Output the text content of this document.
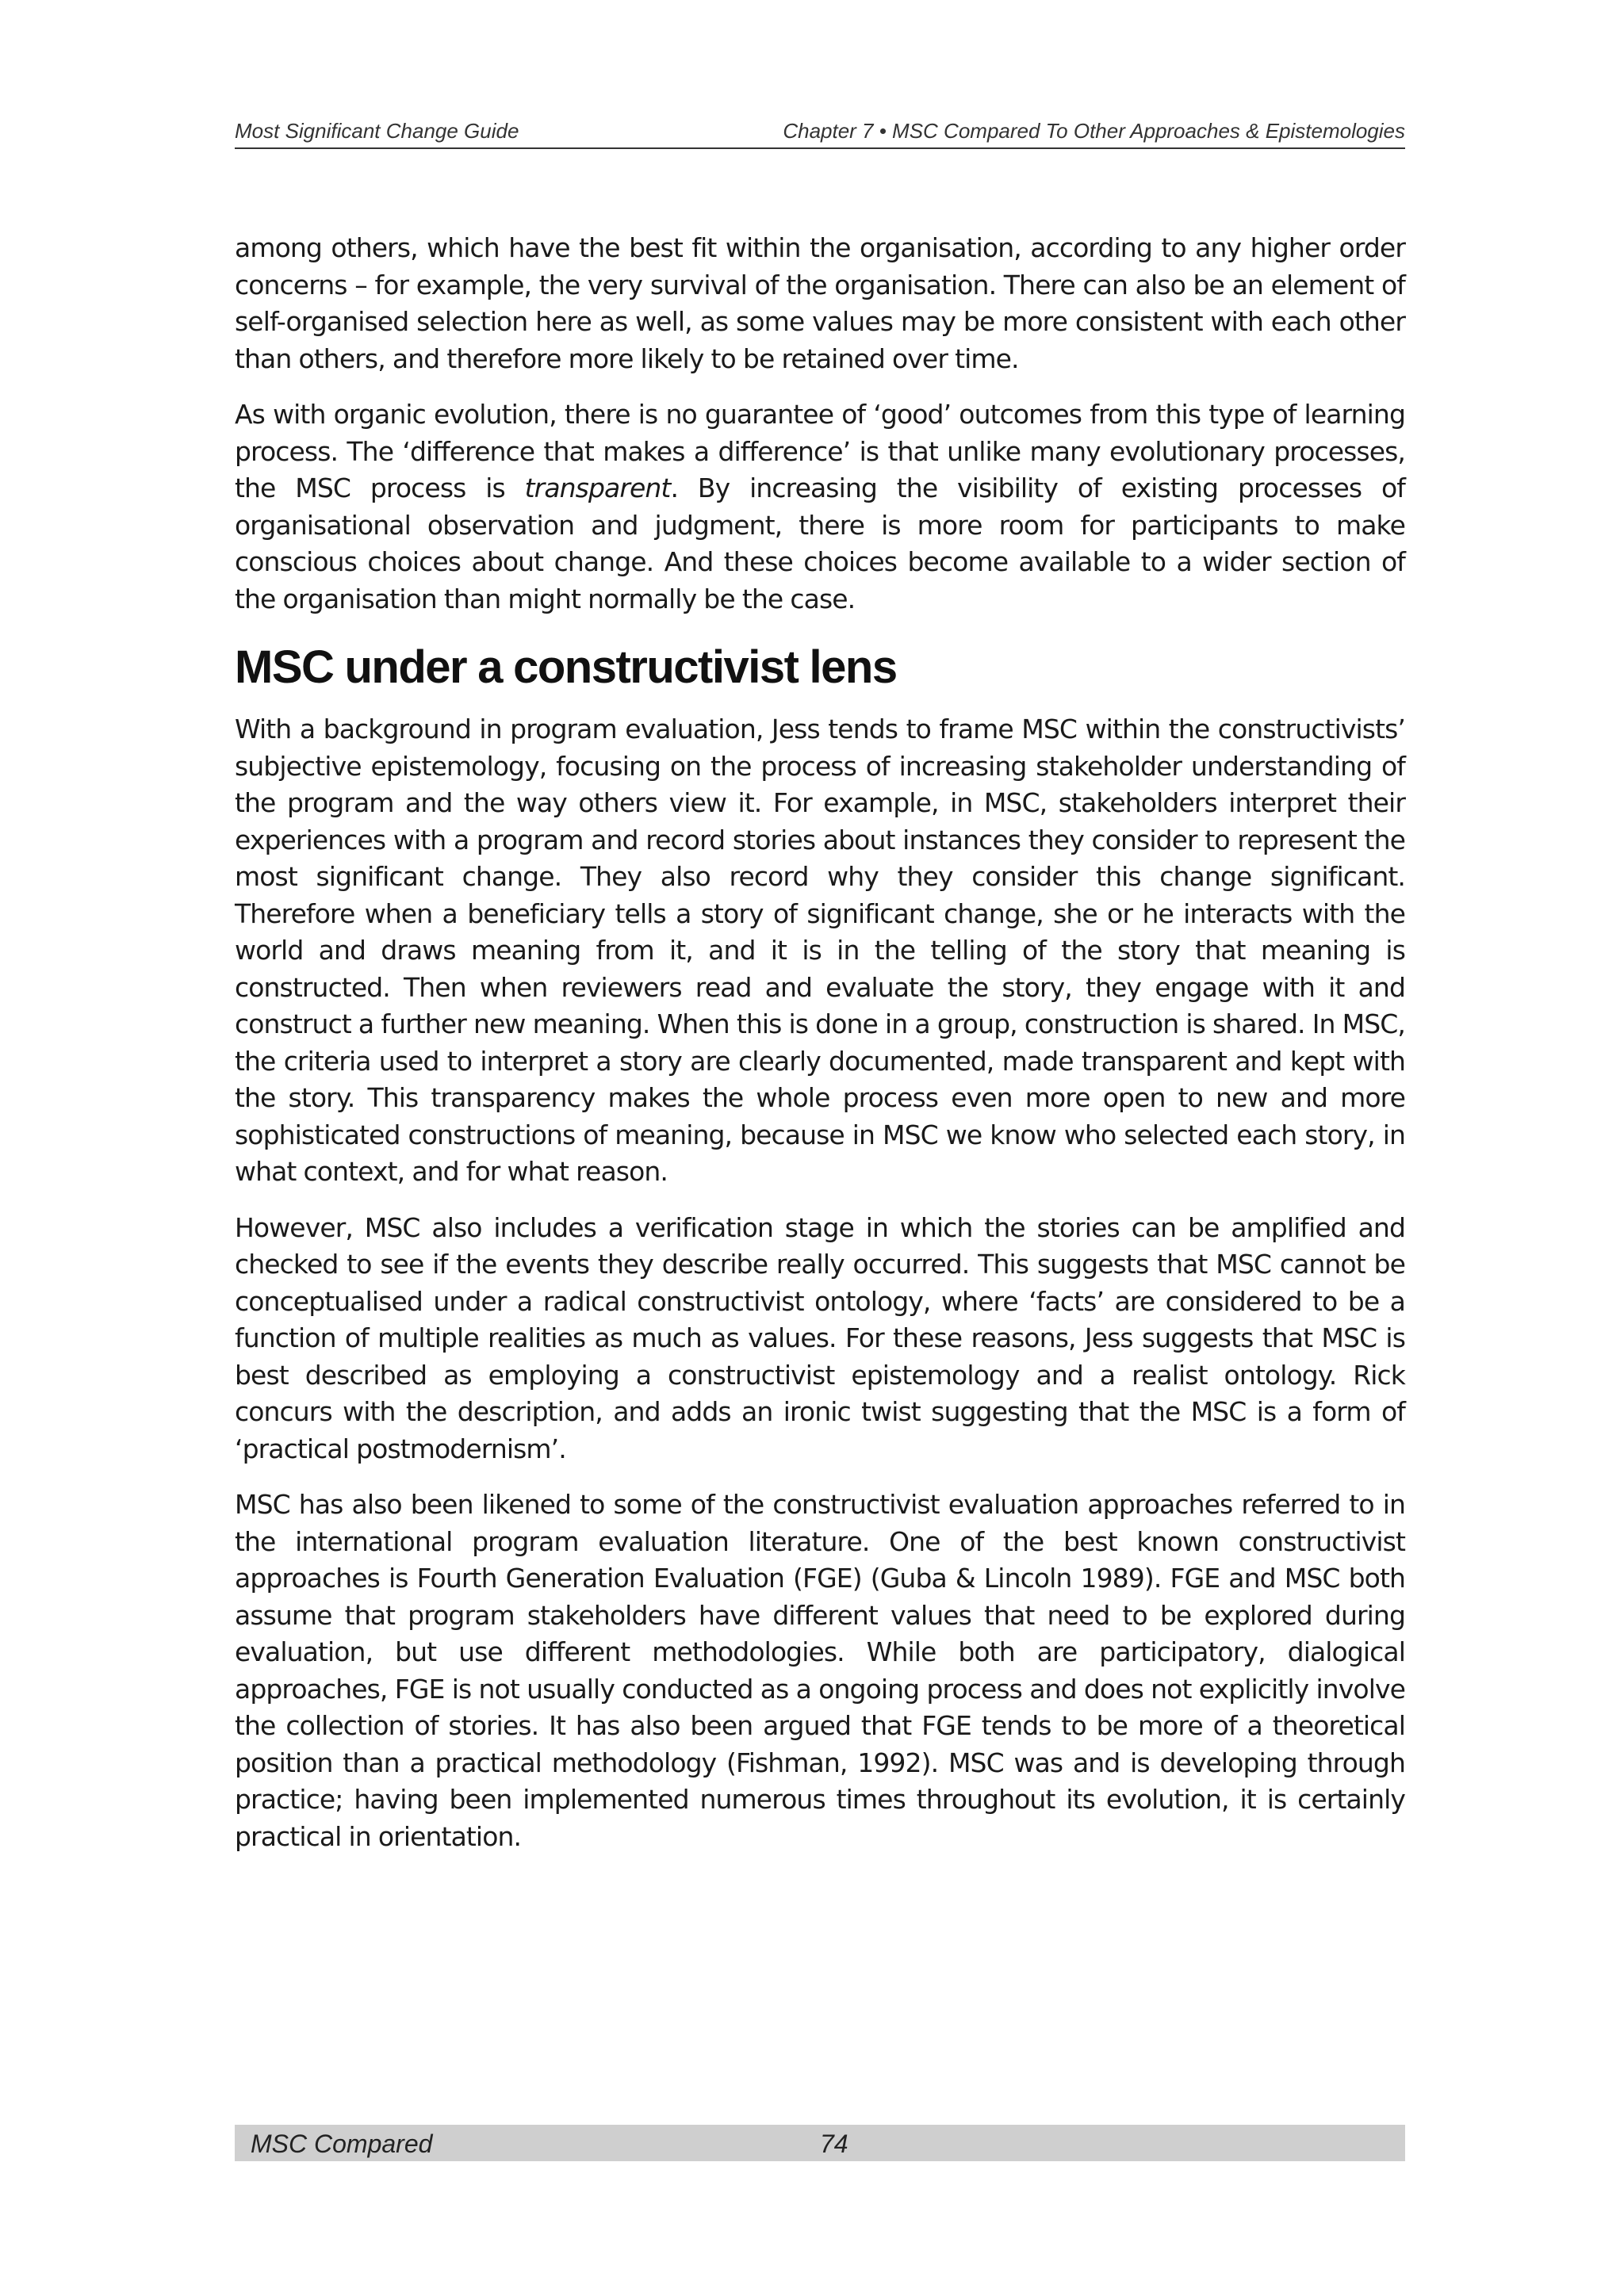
Most Significant Change Guide	Chapter 7 • MSC Compared To Other Approaches & Epistemologies

among others, which have the best fit within the organisation, according to any higher order concerns – for example, the very survival of the organisation. There can also be an element of self-organised selection here as well, as some values may be more consistent with each other than others, and therefore more likely to be retained over time.

As with organic evolution, there is no guarantee of ‘good’ outcomes from this type of learning process. The ‘difference that makes a difference’ is that unlike many evolutionary processes, the MSC process is transparent. By increasing the visibility of existing processes of organisational observation and judgment, there is more room for participants to make conscious choices about change. And these choices become available to a wider section of the organisation than might normally be the case.

MSC under a constructivist lens

With a background in program evaluation, Jess tends to frame MSC within the constructivists’ subjective epistemology, focusing on the process of increasing stakeholder understanding of the program and the way others view it. For example, in MSC, stakeholders interpret their experiences with a program and record stories about instances they consider to represent the most significant change. They also record why they consider this change significant. Therefore when a beneficiary tells a story of significant change, she or he interacts with the world and draws meaning from it, and it is in the telling of the story that meaning is constructed. Then when reviewers read and evaluate the story, they engage with it and construct a further new meaning. When this is done in a group, construction is shared. In MSC, the criteria used to interpret a story are clearly documented, made transparent and kept with the story. This transparency makes the whole process even more open to new and more sophisticated constructions of meaning, because in MSC we know who selected each story, in what context, and for what reason.

However, MSC also includes a verification stage in which the stories can be amplified and checked to see if the events they describe really occurred. This suggests that MSC cannot be conceptualised under a radical constructivist ontology, where ‘facts’ are considered to be a function of multiple realities as much as values. For these reasons, Jess suggests that MSC is best described as employing a constructivist epistemology and a realist ontology. Rick concurs with the description, and adds an ironic twist suggesting that the MSC is a form of ‘practical postmodernism’.

MSC has also been likened to some of the constructivist evaluation approaches referred to in the international program evaluation literature. One of the best known constructivist approaches is Fourth Generation Evaluation (FGE) (Guba & Lincoln 1989). FGE and MSC both assume that program stakeholders have different values that need to be explored during evaluation, but use different methodologies. While both are participatory, dialogical approaches, FGE is not usually conducted as a ongoing process and does not explicitly involve the collection of stories. It has also been argued that FGE tends to be more of a theoretical position than a practical methodology (Fishman, 1992). MSC was and is developing through practice; having been implemented numerous times throughout its evolution, it is certainly practical in orientation.

MSC Compared	74
